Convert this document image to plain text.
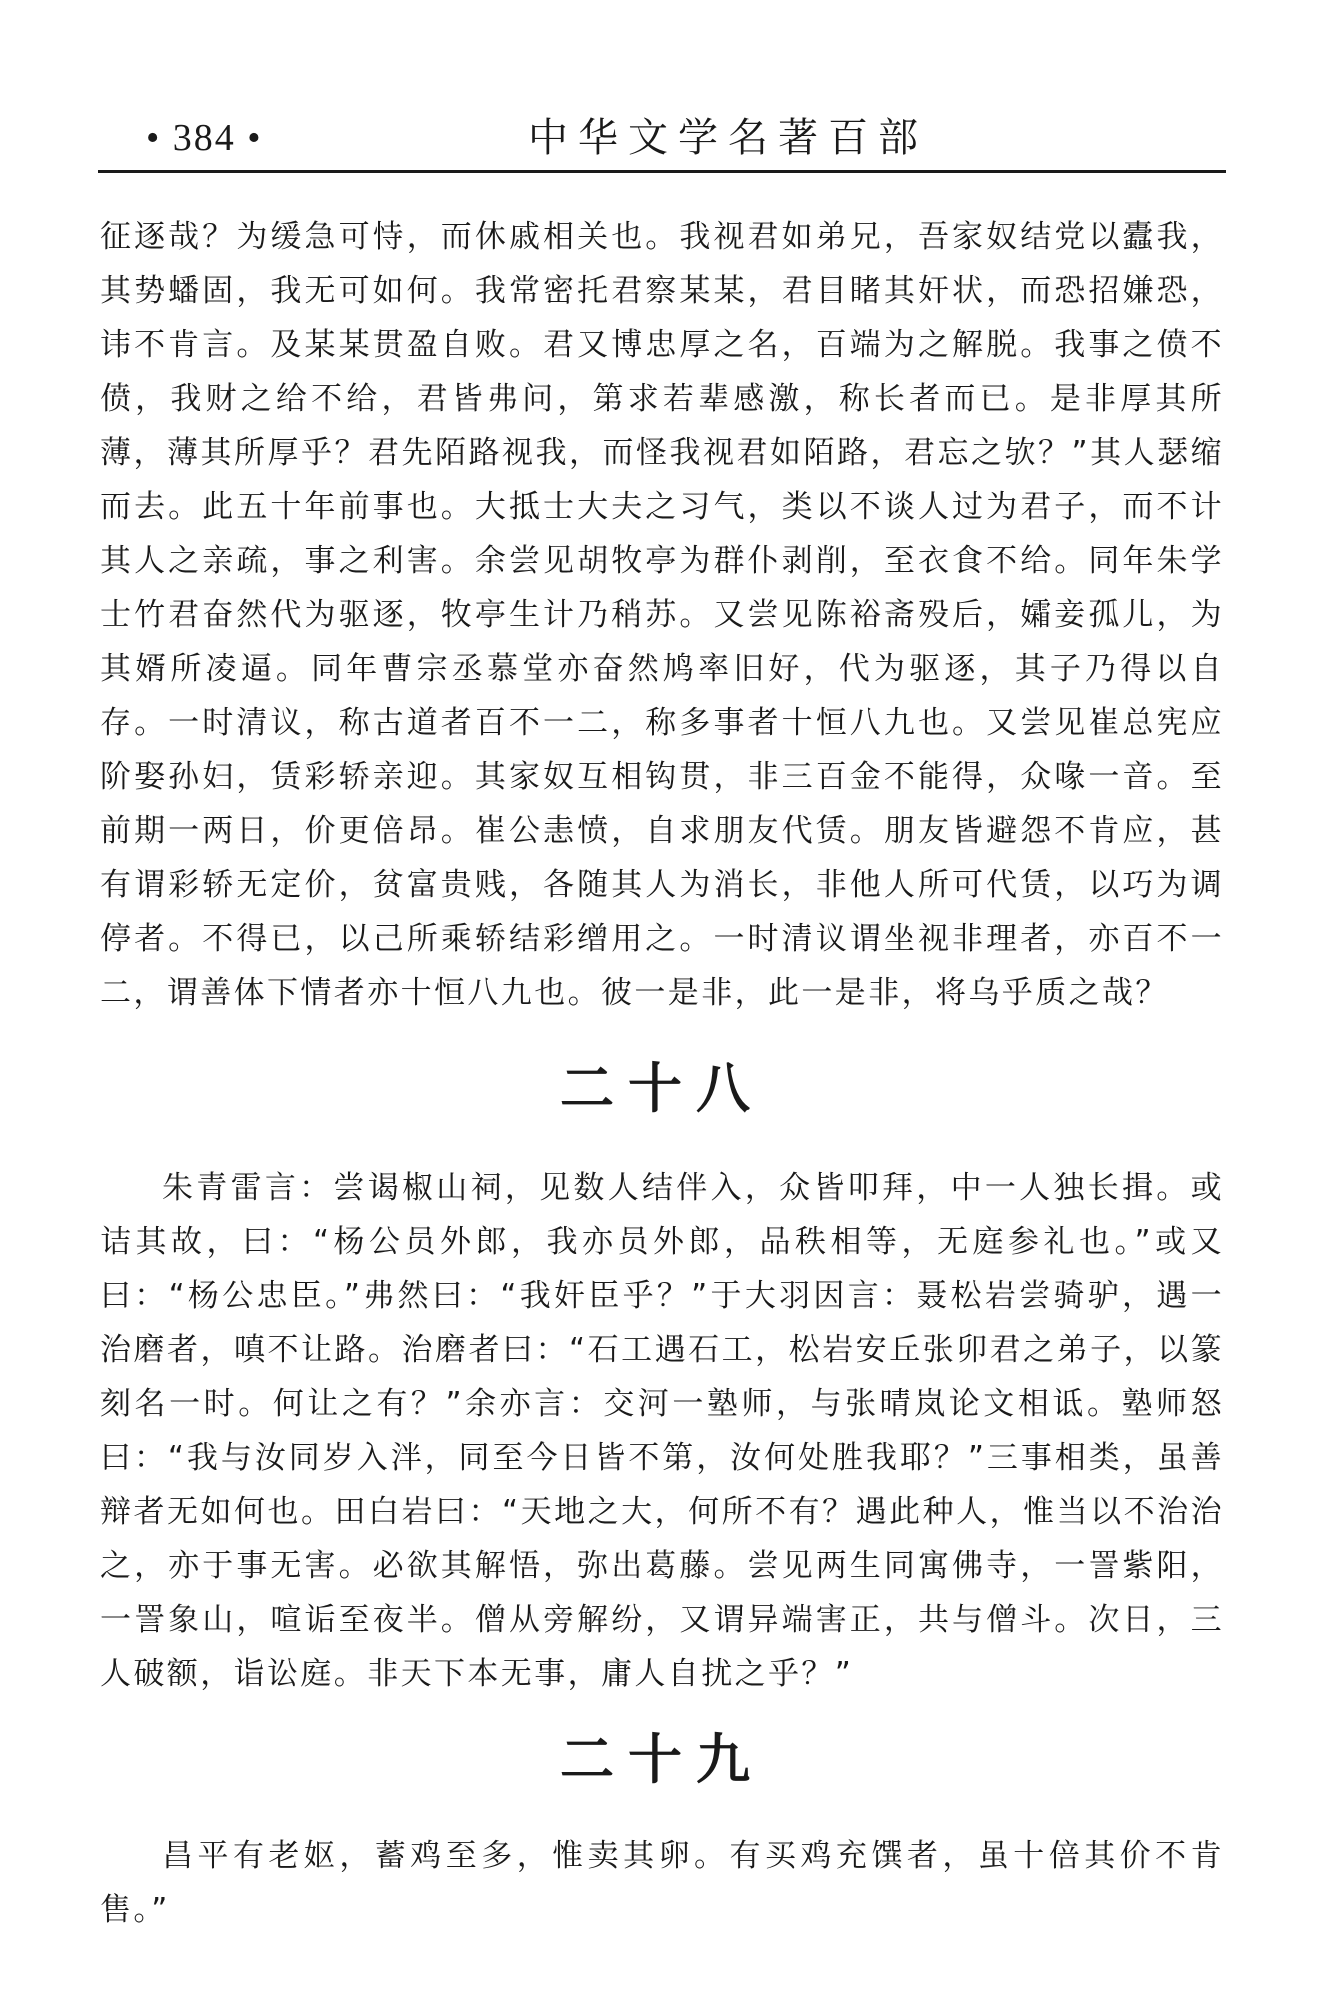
• 384 •	中华文学名著百部

征逐哉？为缓急可恃，而休戚相关也。我视君如弟兄，吾家奴结党以蠹我，其势蟠固，我无可如何。我常密托君察某某，君目睹其奸状，而恐招嫌恐，讳不肯言。及某某贯盈自败。君又博忠厚之名，百端为之解脱。我事之偾不偾，我财之给不给，君皆弗问，第求若辈感激，称长者而已。是非厚其所薄，薄其所厚乎？君先陌路视我，而怪我视君如陌路，君忘之欤？”其人瑟缩而去。此五十年前事也。大抵士大夫之习气，类以不谈人过为君子，而不计其人之亲疏，事之利害。余尝见胡牧亭为群仆剥削，至衣食不给。同年朱学士竹君奋然代为驱逐，牧亭生计乃稍苏。又尝见陈裕斋殁后，孀妾孤儿，为其婿所凌逼。同年曹宗丞慕堂亦奋然鸠率旧好，代为驱逐，其子乃得以自存。一时清议，称古道者百不一二，称多事者十恒八九也。又尝见崔总宪应阶娶孙妇，赁彩轿亲迎。其家奴互相钩贯，非三百金不能得，众喙一音。至前期一两日，价更倍昂。崔公恚愤，自求朋友代赁。朋友皆避怨不肯应，甚有谓彩轿无定价，贫富贵贱，各随其人为消长，非他人所可代赁，以巧为调停者。不得已，以己所乘轿结彩缯用之。一时清议谓坐视非理者，亦百不一二，谓善体下情者亦十恒八九也。彼一是非，此一是非，将乌乎质之哉？

二十八

朱青雷言：尝谒椒山祠，见数人结伴入，众皆叩拜，中一人独长揖。或诘其故，曰：“杨公员外郎，我亦员外郎，品秩相等，无庭参礼也。”或又曰：“杨公忠臣。”弗然曰：“我奸臣乎？”于大羽因言：聂松岩尝骑驴，遇一治磨者，嗔不让路。治磨者曰：“石工遇石工，松岩安丘张卯君之弟子，以篆刻名一时。何让之有？”余亦言：交河一塾师，与张晴岚论文相诋。塾师怒曰：“我与汝同岁入泮，同至今日皆不第，汝何处胜我耶？”三事相类，虽善辩者无如何也。田白岩曰：“天地之大，何所不有？遇此种人，惟当以不治治之，亦于事无害。必欲其解悟，弥出葛藤。尝见两生同寓佛寺，一詈紫阳，一詈象山，喧诟至夜半。僧从旁解纷，又谓异端害正，共与僧斗。次日，三人破额，诣讼庭。非天下本无事，庸人自扰之乎？”

二十九

昌平有老妪，蓄鸡至多，惟卖其卵。有买鸡充馔者，虽十倍其价不肯售。”
